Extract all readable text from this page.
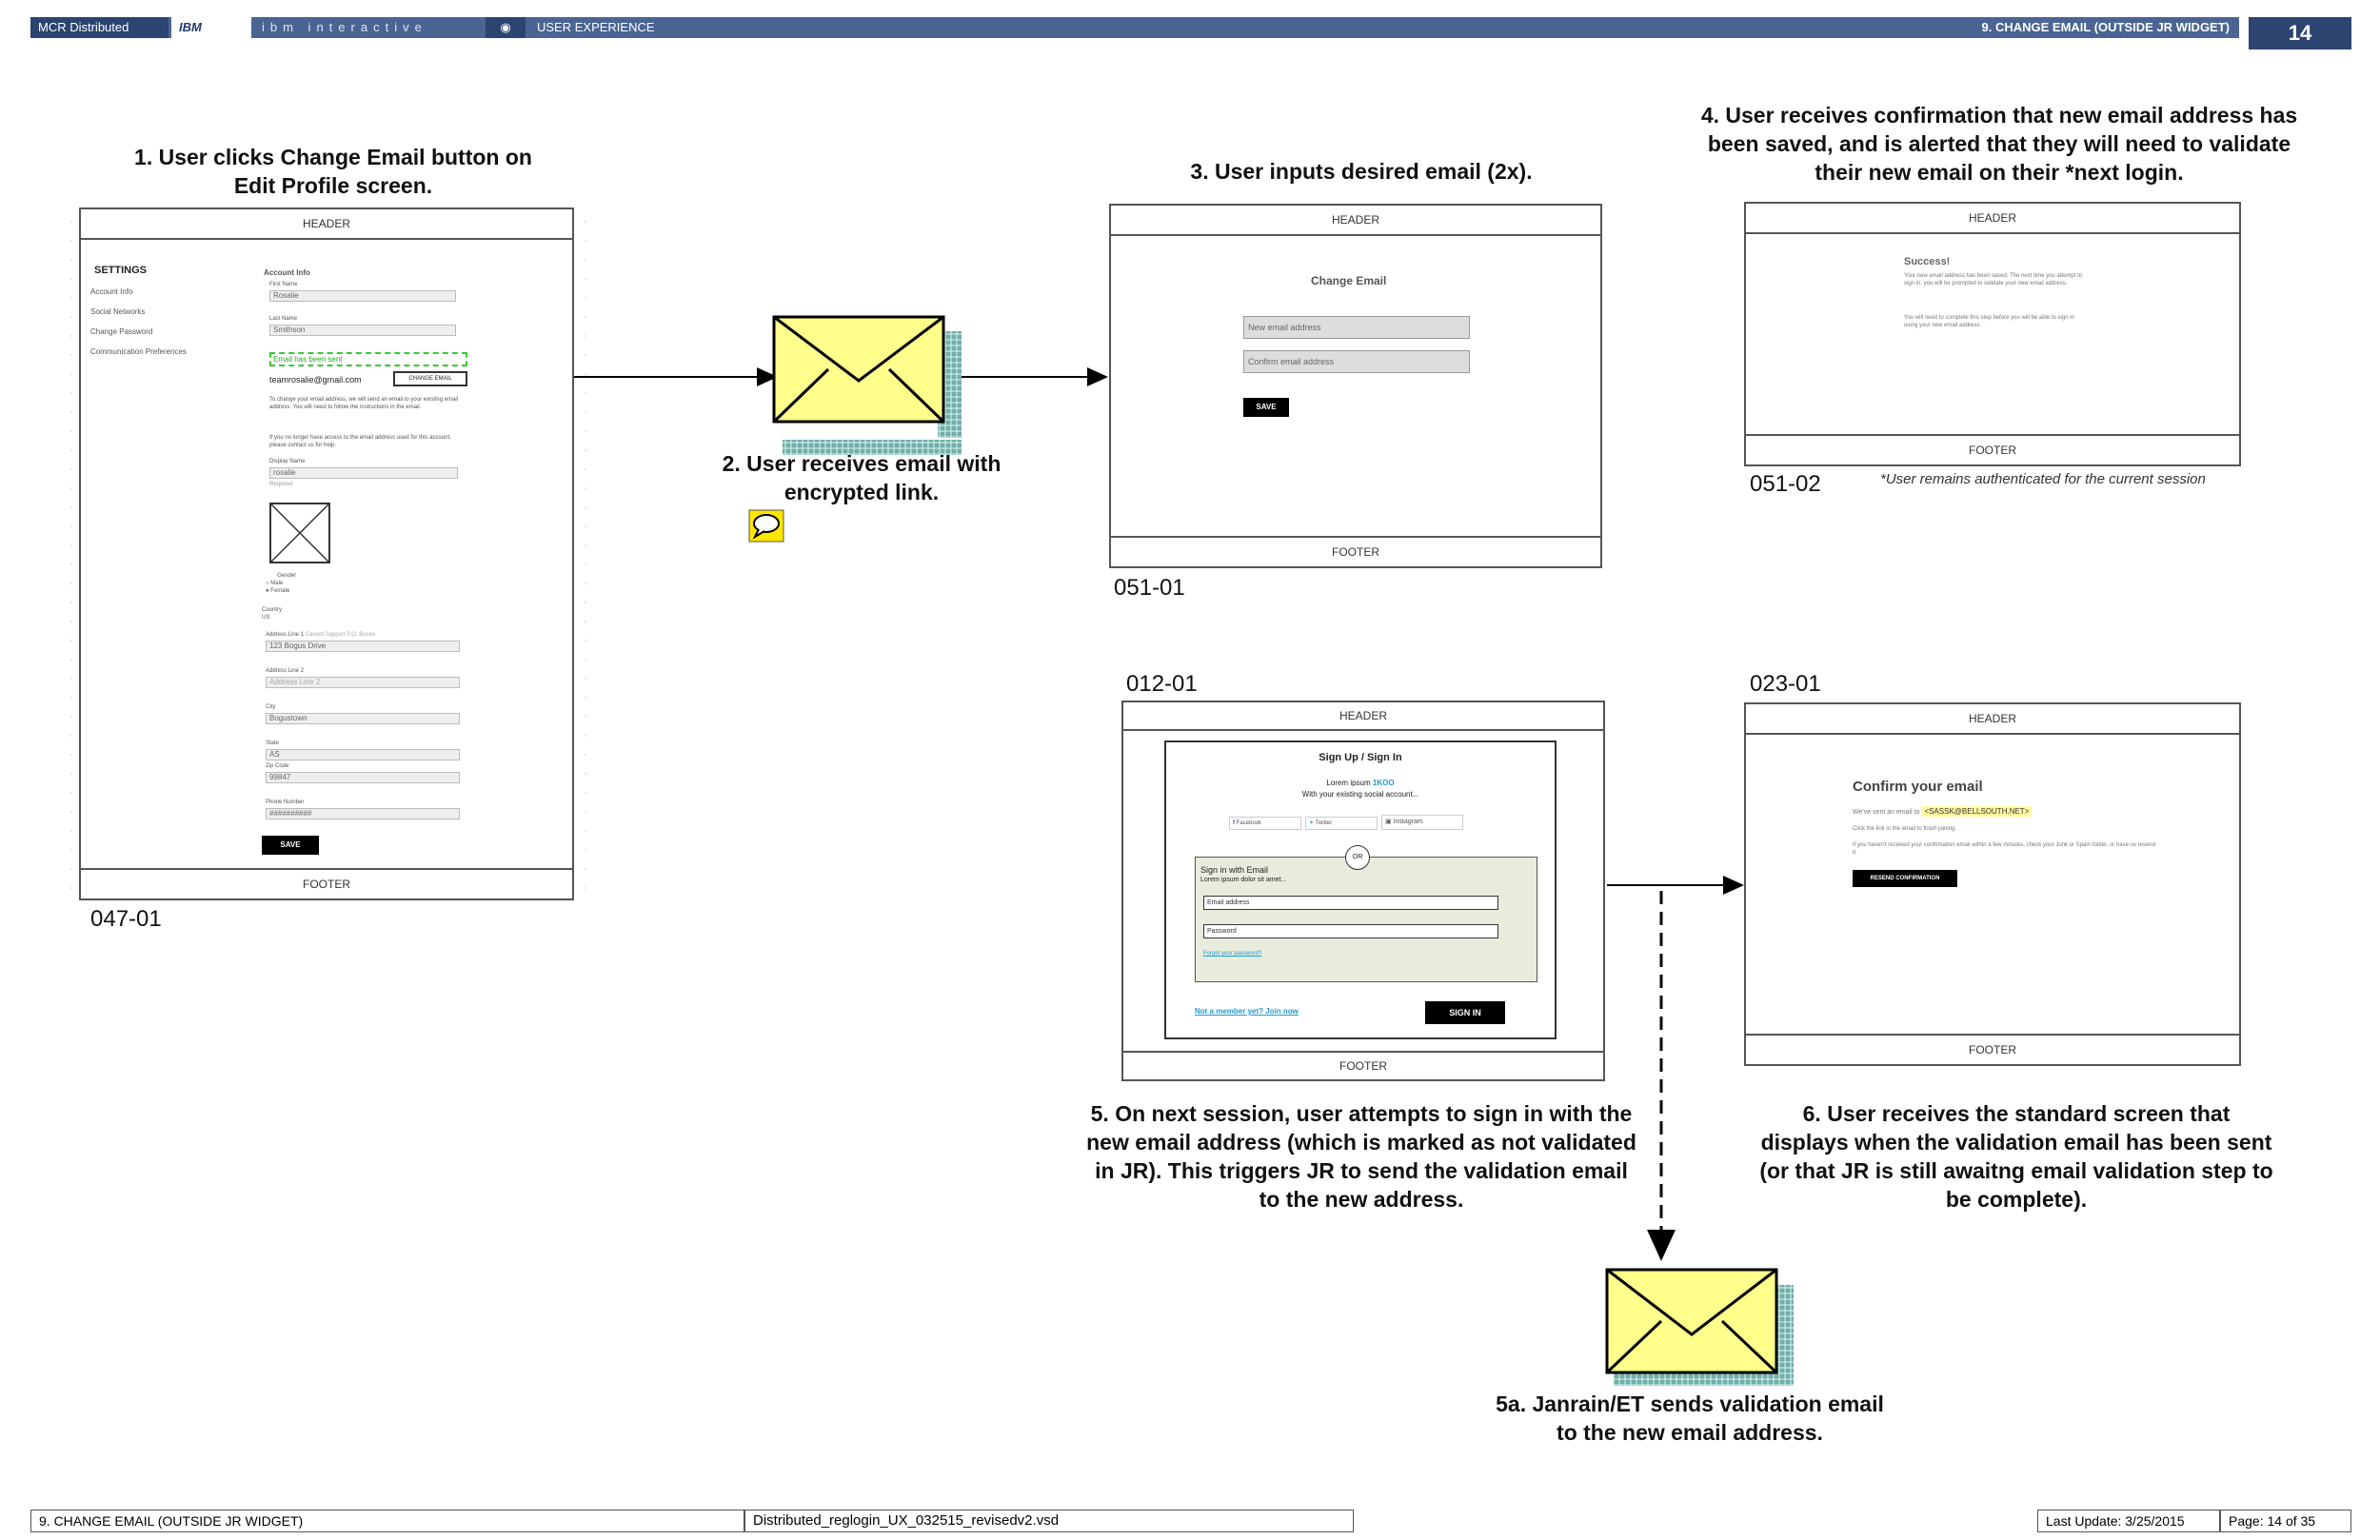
MCR Distributed	IBM	ibm interactive	◉	USER EXPERIENCE	9. CHANGE EMAIL (OUTSIDE JR WIDGET)	14
1. User clicks Change Email button on Edit Profile screen.
2. User receives email with encrypted link.
3. User inputs desired email (2x).
4. User receives confirmation that new email address has been saved, and is alerted that they will need to validate their new email on their *next login.
5. On next session, user attempts to sign in with the new email address (which is marked as not validated in JR). This triggers JR to send the validation email to the new address.
5a. Janrain/ET sends validation email to the new email address.
6. User receives the standard screen that displays when the validation email has been sent (or that JR is still awaitng email validation step to be complete).
047-01
051-01
051-02
012-01	023-01
HEADER
SETTINGS
Account Info
Social Networks
Change Password
Communication Preferences
Account Info
First Name
Rosalie
Last Name
Smithson
Email has been sent
teamrosalie@gmail.com	CHANGE EMAIL
To change your email address, we will send an email to your existing email address. You will need to follow the instructions in the email.
If you no longer have access to the email address used for this account, please contact us for help.
Display Name
rosalie
Required
Gender
○ Male
● Female
Country
US
Address Line 1 Cannot Support P.O. Boxes
123 Bogus Drive
Address Line 2
Address Line 2
City
Bogustown
State
AS
Zip Code
99847
Phone Number
##########
SAVE
FOOTER
HEADER
Change Email
New email address
Confirm email address
SAVE
FOOTER
HEADER
Success!
Your new email address has been saved. The next time you attempt to sign in, you will be prompted to validate your new email address.
You will need to complete this step before you will be able to sign in using your new email address.
FOOTER
*User remains authenticated for the current session
HEADER
Sign Up / Sign In
Lorem ipsum 1KOO
With your existing social account...
f Facebook	✦ Twitter	▣ Instagram
Sign in with Email
Lorem ipsum dolor sit amet...
Email address
Password
Forgot your password?
OR
Not a member yet? Join now	SIGN IN
FOOTER
HEADER
Confirm your email
We've sent an email to <SASSK@BELLSOUTH.NET>
Click the link in the email to finish joining.
If you haven't received your confirmation email within a few minutes, check your Junk or Spam folder, or have us resend it.
RESEND CONFIRMATION
FOOTER
9. CHANGE EMAIL (OUTSIDE JR WIDGET)	Distributed_reglogin_UX_032515_revisedv2.vsd	Last Update: 3/25/2015	Page: 14 of 35
